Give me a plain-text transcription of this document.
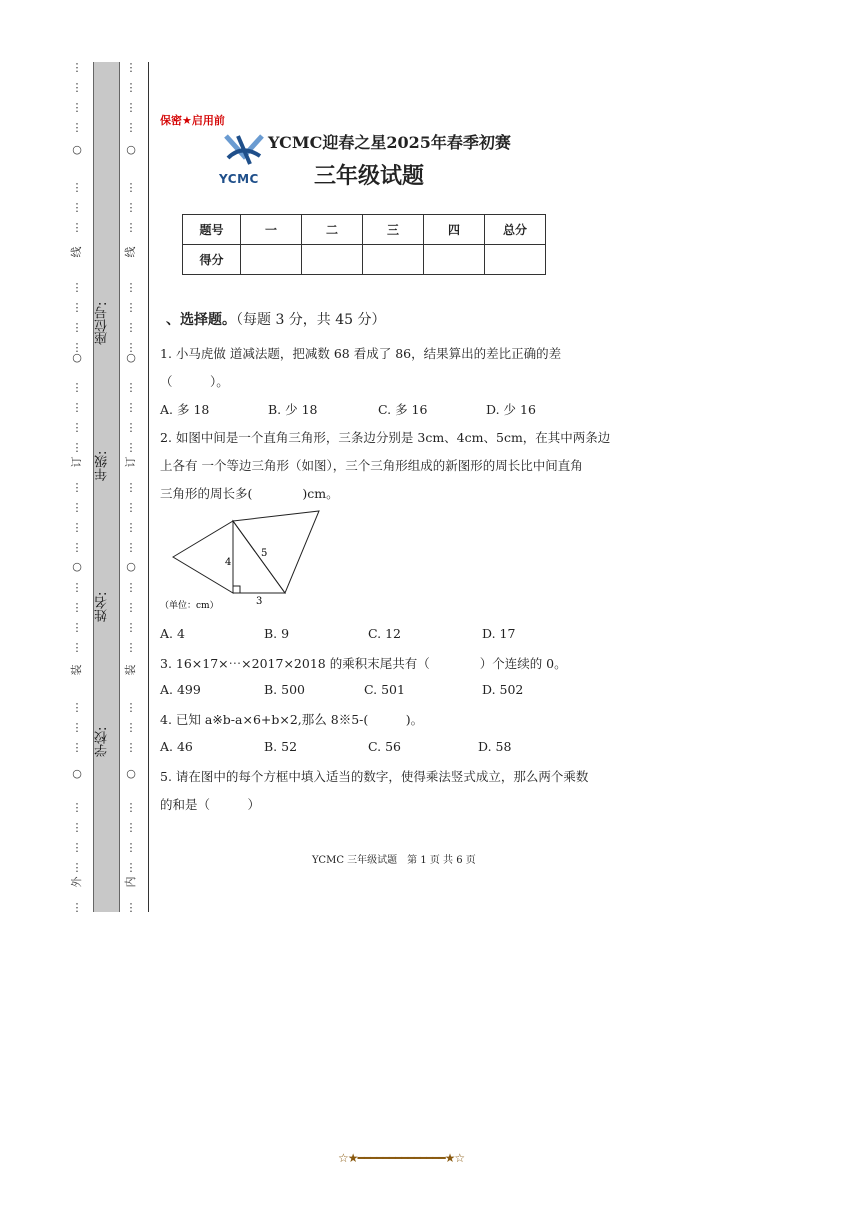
⋮
⋮
⋮
⋮
⋮
⋮
⋮
⋮
⋮
⋮
⋮
⋮
⋮
⋮
⋮
⋮
⋮
⋮
⋮
⋮
⋮
⋮
⋮
⋮
⋮
⋮
⋮
⋮
⋮
⋮
⋮
○
○
○
○
线
订
装
外
⋮
⋮
⋮
⋮
⋮
⋮
⋮
⋮
⋮
⋮
⋮
⋮
⋮
⋮
⋮
⋮
⋮
⋮
⋮
⋮
⋮
⋮
⋮
⋮
⋮
⋮
⋮
⋮
⋮
⋮
⋮
○
○
○
○
线
订
装
内
座位号:
年级:
姓名:
学校:
保密★启用前
YCMC迎春之星2025年春季初赛
三年级试题
YCMC
题号	一	二	三	四	总分
得分					
、选择题。（每题 3 分，共 45 分）
1. 小马虎做 道减法题，把减数 68 看成了 86，结果算出的差比正确的差
（　　　）。
A. 多 18	B. 少 18	C. 多 16	D. 少 16
2. 如图中间是一个直角三角形，三条边分别是 3cm、4cm、5cm，在其中两条边
上各有 一个等边三角形（如图），三个三角形组成的新图形的周长比中间直角
三角形的周长多(　　　　)cm。
4
5
3
（单位：cm）
A. 4	B. 9	C. 12	D. 17
3. 16×17×⋯×2017×2018 的乘积末尾共有（　　　　）个连续的 0。
A. 499	B. 500	C. 501	D. 502
4. 已知 a※b-a×6+b×2,那么 8※5-(　　　)。
A. 46	B. 52	C. 56	D. 58
5. 请在图中的每个方框中填入适当的数字，使得乘法竖式成立，那么两个乘数
的和是（　　　）
YCMC 三年级试题　第 1 页 共 6 页
☆★━━━━━━━━━━━━━━★☆
